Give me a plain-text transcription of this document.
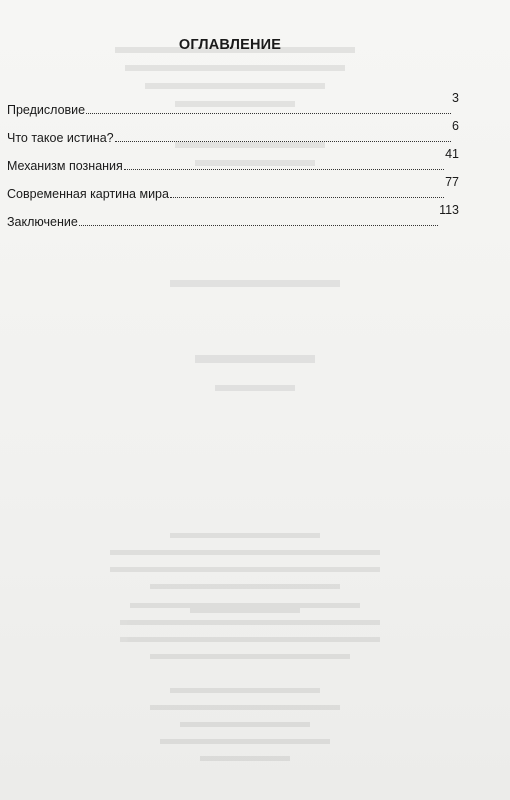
ОГЛАВЛЕНИЕ
Предисловие
3
Что такое истина?
6
Механизм познания
41
Современная картина мира
77
Заключение
113
